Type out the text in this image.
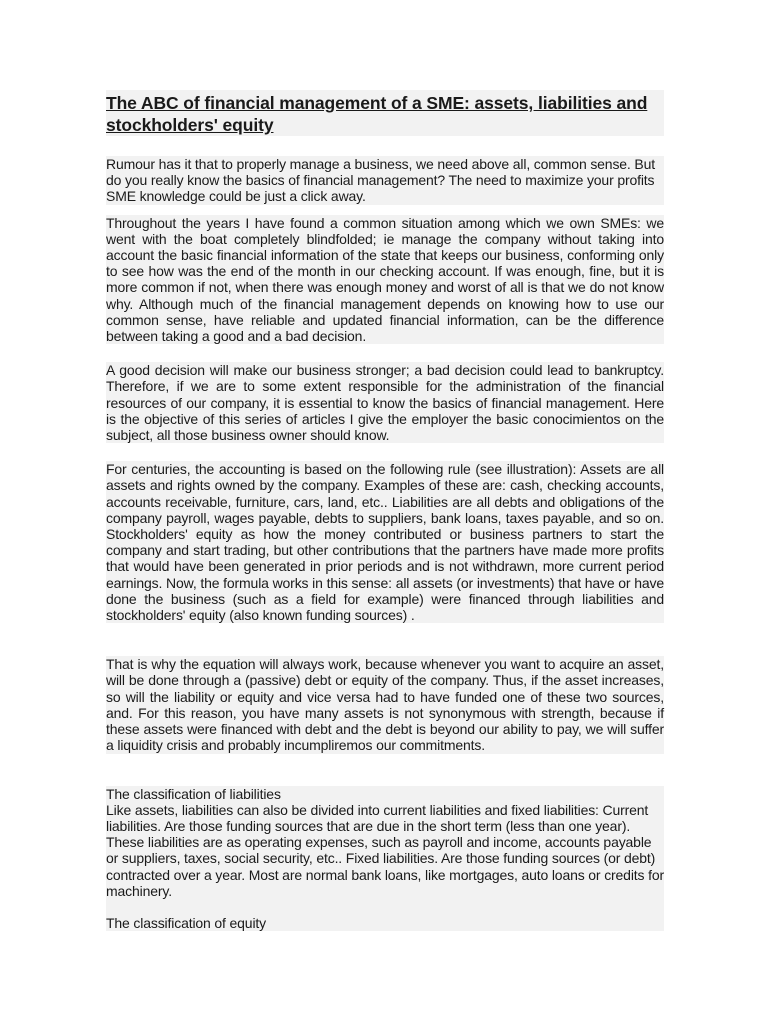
The ABC of financial management of a SME: assets, liabilities and stockholders' equity

Rumour has it that to properly manage a business, we need above all, common sense. But do you really know the basics of financial management? The need to maximize your profits SME knowledge could be just a click away.

Throughout the years I have found a common situation among which we own SMEs: we went with the boat completely blindfolded; ie manage the company without taking into account the basic financial information of the state that keeps our business, conforming only to see how was the end of the month in our checking account. If was enough, fine, but it is more common if not, when there was enough money and worst of all is that we do not know why. Although much of the financial management depends on knowing how to use our common sense, have reliable and updated financial information, can be the difference between taking a good and a bad decision.

A good decision will make our business stronger; a bad decision could lead to bankruptcy. Therefore, if we are to some extent responsible for the administration of the financial resources of our company, it is essential to know the basics of financial management. Here is the objective of this series of articles I give the employer the basic conocimientos on the subject, all those business owner should know.

For centuries, the accounting is based on the following rule (see illustration): Assets are all assets and rights owned by the company. Examples of these are: cash, checking accounts, accounts receivable, furniture, cars, land, etc.. Liabilities are all debts and obligations of the company payroll, wages payable, debts to suppliers, bank loans, taxes payable, and so on. Stockholders' equity as how the money contributed or business partners to start the company and start trading, but other contributions that the partners have made more profits that would have been generated in prior periods and is not withdrawn, more current period earnings. Now, the formula works in this sense: all assets (or investments) that have or have done the business (such as a field for example) were financed through liabilities and stockholders' equity (also known funding sources) .

That is why the equation will always work, because whenever you want to acquire an asset, will be done through a (passive) debt or equity of the company. Thus, if the asset increases, so will the liability or equity and vice versa had to have funded one of these two sources, and. For this reason, you have many assets is not synonymous with strength, because if these assets were financed with debt and the debt is beyond our ability to pay, we will suffer a liquidity crisis and probably incumpliremos our commitments.

The classification of liabilities

Like assets, liabilities can also be divided into current liabilities and fixed liabilities: Current liabilities. Are those funding sources that are due in the short term (less than one year). These liabilities are as operating expenses, such as payroll and income, accounts payable or suppliers, taxes, social security, etc.. Fixed liabilities. Are those funding sources (or debt) contracted over a year. Most are normal bank loans, like mortgages, auto loans or credits for machinery.

The classification of equity
